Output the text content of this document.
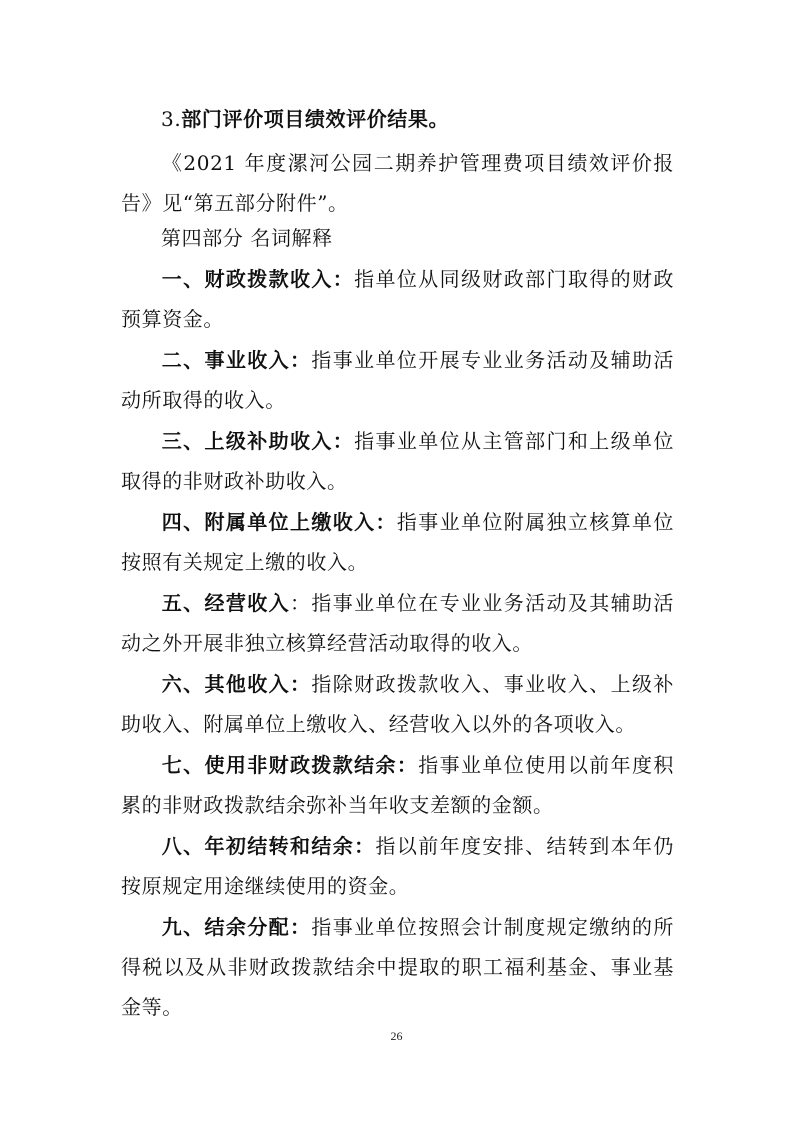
3.部门评价项目绩效评价结果。

《2021 年度漯河公园二期养护管理费项目绩效评价报告》见“第五部分附件”。

第四部分 名词解释

一、财政拨款收入：指单位从同级财政部门取得的财政预算资金。

二、事业收入：指事业单位开展专业业务活动及辅助活动所取得的收入。

三、上级补助收入：指事业单位从主管部门和上级单位取得的非财政补助收入。

四、附属单位上缴收入：指事业单位附属独立核算单位按照有关规定上缴的收入。

五、经营收入：指事业单位在专业业务活动及其辅助活动之外开展非独立核算经营活动取得的收入。

六、其他收入：指除财政拨款收入、事业收入、上级补助收入、附属单位上缴收入、经营收入以外的各项收入。

七、使用非财政拨款结余：指事业单位使用以前年度积累的非财政拨款结余弥补当年收支差额的金额。

八、年初结转和结余：指以前年度安排、结转到本年仍按原规定用途继续使用的资金。

九、结余分配：指事业单位按照会计制度规定缴纳的所得税以及从非财政拨款结余中提取的职工福利基金、事业基金等。

26
